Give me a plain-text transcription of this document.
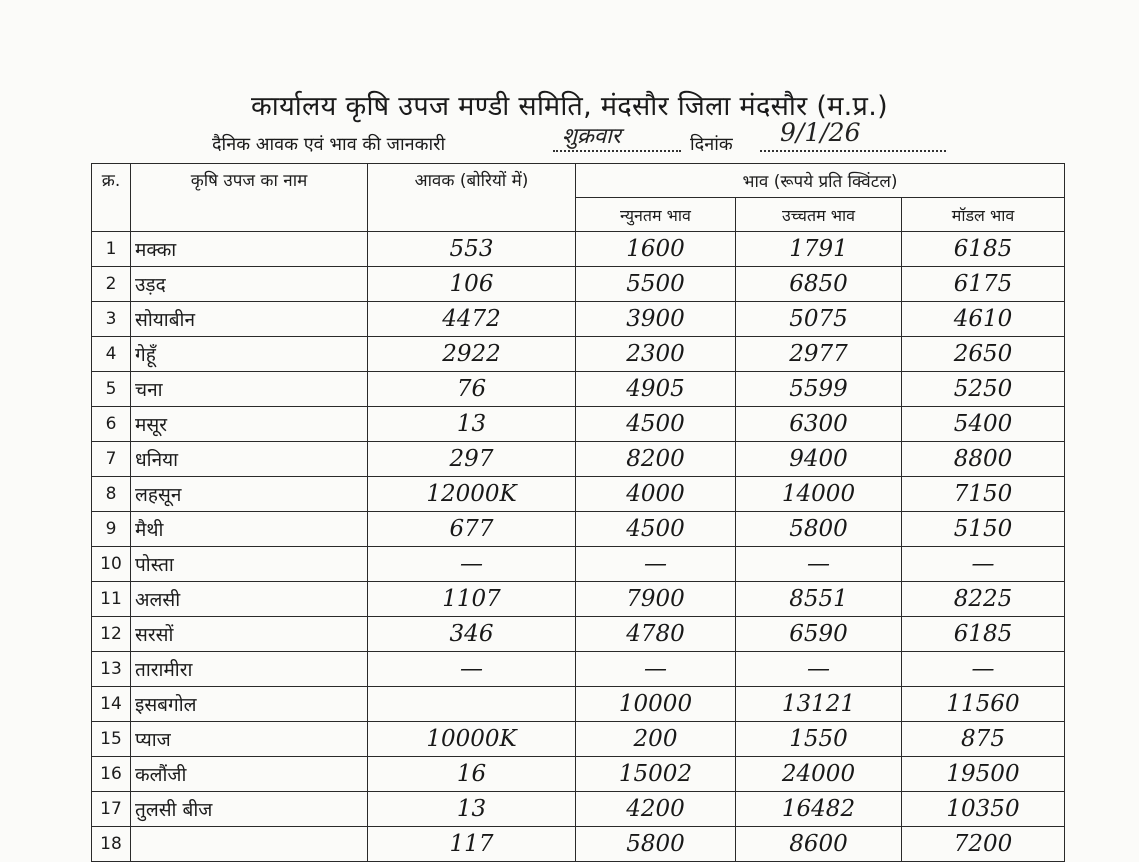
कार्यालय कृषि उपज मण्डी समिति, मंदसौर जिला मंदसौर (म.प्र.)
दैनिक आवक एवं भाव की जानकारी	शुक्रवार	दिनांक 9/1/26
क्र.	कृषि उपज का नाम	आवक (बोरियों में)	भाव (रूपये प्रति क्विंटल)		
			न्युनतम भाव	उच्चतम भाव	मॉडल भाव
1	मक्का	553	1600	1791	6185
2	उड़द	106	5500	6850	6175
3	सोयाबीन	4472	3900	5075	4610
4	गेहूँ	2922	2300	2977	2650
5	चना	76	4905	5599	5250
6	मसूर	13	4500	6300	5400
7	धनिया	297	8200	9400	8800
8	लहसून	12000K	4000	14000	7150
9	मैथी	677	4500	5800	5150
10	पोस्ता	—	—	—	—
11	अलसी	1107	7900	8551	8225
12	सरसों	346	4780	6590	6185
13	तारामीरा	—	—	—	—
14	इसबगोल		10000	13121	11560
15	प्याज	10000K	200	1550	875
16	कलौंजी	16	15002	24000	19500
17	तुलसी बीज	13	4200	16482	10350
18		117	5800	8600	7200
